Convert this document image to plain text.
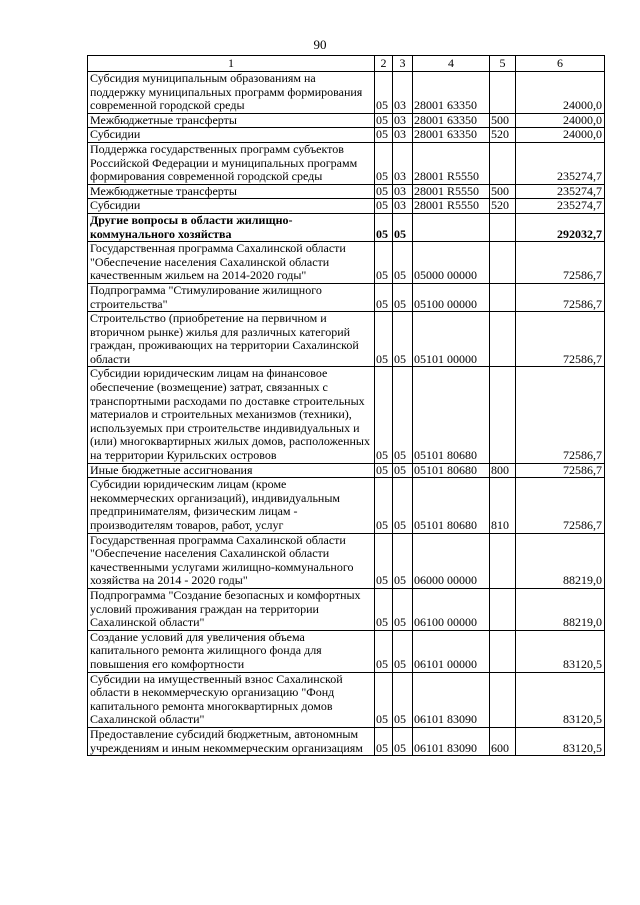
90
1	2	3	4	5	6
Субсидия муниципальным образованиям на поддержку муниципальных программ формирования современной городской среды	05	03	28001 63350		24000,0
Межбюджетные трансферты	05	03	28001 63350	500	24000,0
Субсидии	05	03	28001 63350	520	24000,0
Поддержка государственных программ субъектов Российской Федерации и муниципальных программ формирования современной городской среды	05	03	28001 R5550		235274,7
Межбюджетные трансферты	05	03	28001 R5550	500	235274,7
Субсидии	05	03	28001 R5550	520	235274,7
Другие вопросы в области жилищно-коммунального хозяйства	05	05			292032,7
Государственная программа Сахалинской области "Обеспечение населения Сахалинской области качественным жильем на 2014-2020 годы"	05	05	05000 00000		72586,7
Подпрограмма "Стимулирование жилищного строительства"	05	05	05100 00000		72586,7
Строительство (приобретение на первичном и вторичном рынке) жилья для различных категорий граждан, проживающих на территории Сахалинской области	05	05	05101 00000		72586,7
Субсидии юридическим лицам на финансовое обеспечение (возмещение) затрат, связанных с транспортными расходами по доставке строительных материалов и строительных механизмов (техники), используемых при строительстве индивидуальных и (или) многоквартирных жилых домов, расположенных на территории Курильских островов	05	05	05101 80680		72586,7
Иные бюджетные ассигнования	05	05	05101 80680	800	72586,7
Субсидии юридическим лицам (кроме некоммерческих организаций), индивидуальным предпринимателям, физическим лицам - производителям товаров, работ, услуг	05	05	05101 80680	810	72586,7
Государственная программа Сахалинской области "Обеспечение населения Сахалинской области качественными услугами жилищно-коммунального хозяйства на 2014 - 2020 годы"	05	05	06000 00000		88219,0
Подпрограмма "Создание безопасных и комфортных условий проживания граждан на территории Сахалинской области"	05	05	06100 00000		88219,0
Создание условий для увеличения объема капитального ремонта жилищного фонда для повышения его комфортности	05	05	06101 00000		83120,5
Субсидии на имущественный взнос Сахалинской области в некоммерческую организацию "Фонд капитального ремонта многоквартирных домов Сахалинской области"	05	05	06101 83090		83120,5
Предоставление субсидий бюджетным, автономным учреждениям и иным некоммерческим организациям	05	05	06101 83090	600	83120,5
